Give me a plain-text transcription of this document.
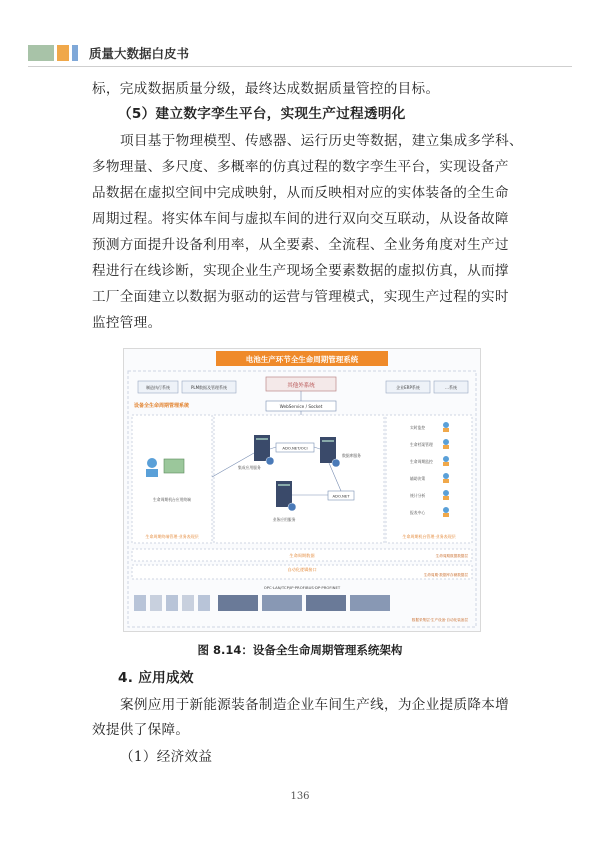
质量大数据白皮书
标，完成数据质量分级，最终达成数据质量管控的目标。
（5）建立数字孪生平台，实现生产过程透明化
项目基于物理模型、传感器、运行历史等数据，建立集成多学科、
多物理量、多尺度、多概率的仿真过程的数字孪生平台，实现设备产
品数据在虚拟空间中完成映射，从而反映相对应的实体装备的全生命
周期过程。将实体车间与虚拟车间的进行双向交互联动，从设备故障
预测方面提升设备利用率，从全要素、全流程、全业务角度对生产过
程进行在线诊断，实现企业生产现场全要素数据的虚拟仿真，从而撑
工厂全面建立以数据为驱动的运营与管理模式，实现生产过程的实时
监控管理。
电池生产环节全生命周期管理系统
制造执行系统	PLM数据及管理系统	其他外系统	企业ERP系统	…系统
设备全生命周期管理系统	WebService / Socket
生命周期机台应用终端
生命周期终端管理·业务表现层
集成应用服务
ADO.NET/OCI
数据库服务
业务应用服务
ADO.NET
实时监控
生命档案管理
生命周期监控
辅助决策
统计分析
报表中心
生命周期机台管理·业务表现层
生命周期数据	生命周期数据数据层
自动化逻辑接口
生命周期·数据库存储数据层
OPC·LAN/TCP/IP·PROFIBUS·DP·PROFINET
数据采集层·生产设备·自动化装备层
图 8.14：设备全生命周期管理系统架构
4. 应用成效
案例应用于新能源装备制造企业车间生产线，为企业提质降本增
效提供了保障。
（1）经济效益
136
